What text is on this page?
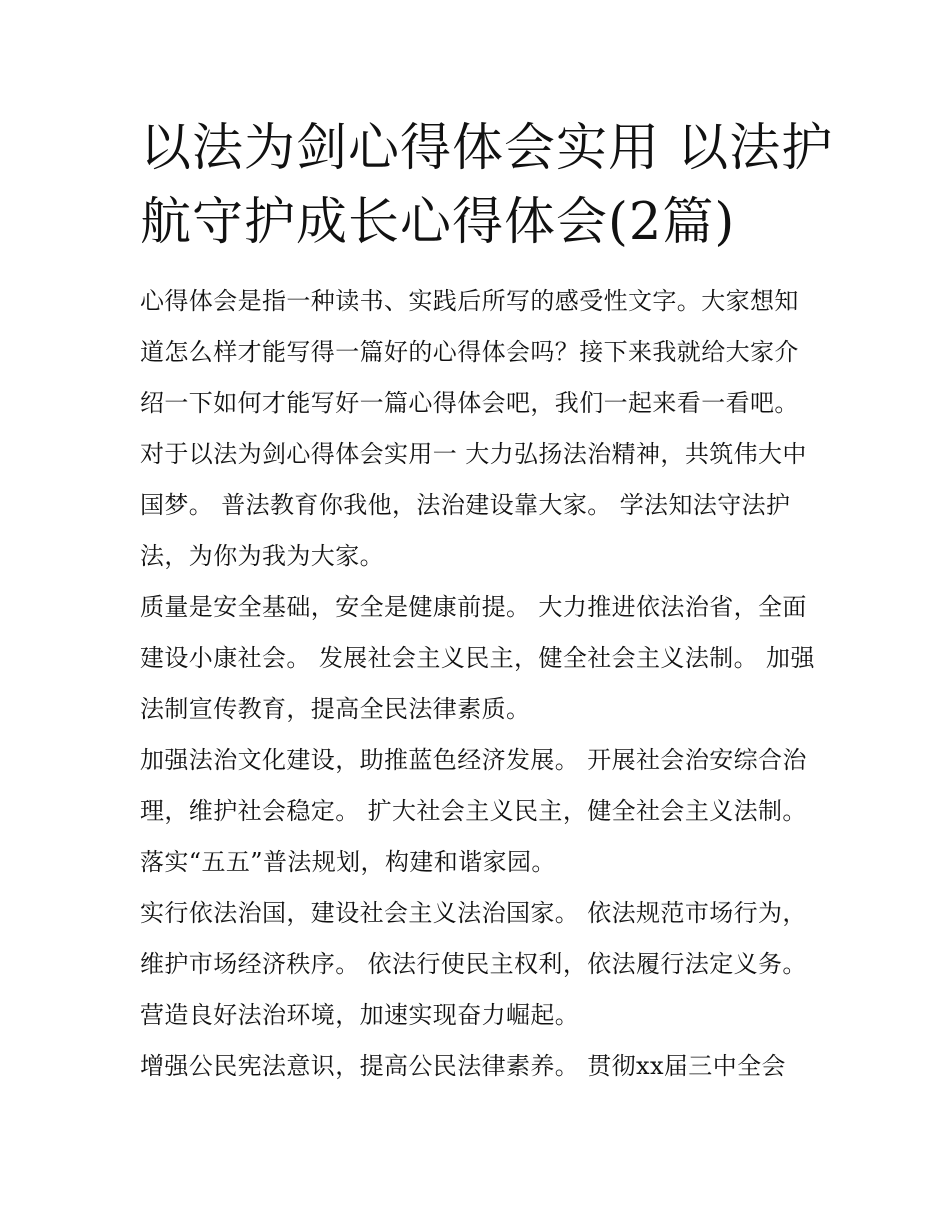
以法为剑心得体会实用 以法护航守护成长心得体会(2篇)

心得体会是指一种读书、实践后所写的感受性文字。大家想知道怎么样才能写得一篇好的心得体会吗？接下来我就给大家介绍一下如何才能写好一篇心得体会吧，我们一起来看一看吧。对于以法为剑心得体会实用一 大力弘扬法治精神，共筑伟大中国梦。 普法教育你我他，法治建设靠大家。 学法知法守法护法，为你为我为大家。

质量是安全基础，安全是健康前提。 大力推进依法治省，全面建设小康社会。 发展社会主义民主，健全社会主义法制。 加强法制宣传教育，提高全民法律素质。

加强法治文化建设，助推蓝色经济发展。 开展社会治安综合治理，维护社会稳定。 扩大社会主义民主，健全社会主义法制。 落实“五五”普法规划，构建和谐家园。

实行依法治国，建设社会主义法治国家。 依法规范市场行为，维护市场经济秩序。 依法行使民主权利，依法履行法定义务。 营造良好法治环境，加速实现奋力崛起。

增强公民宪法意识，提高公民法律素养。 贯彻xx届三中全会
